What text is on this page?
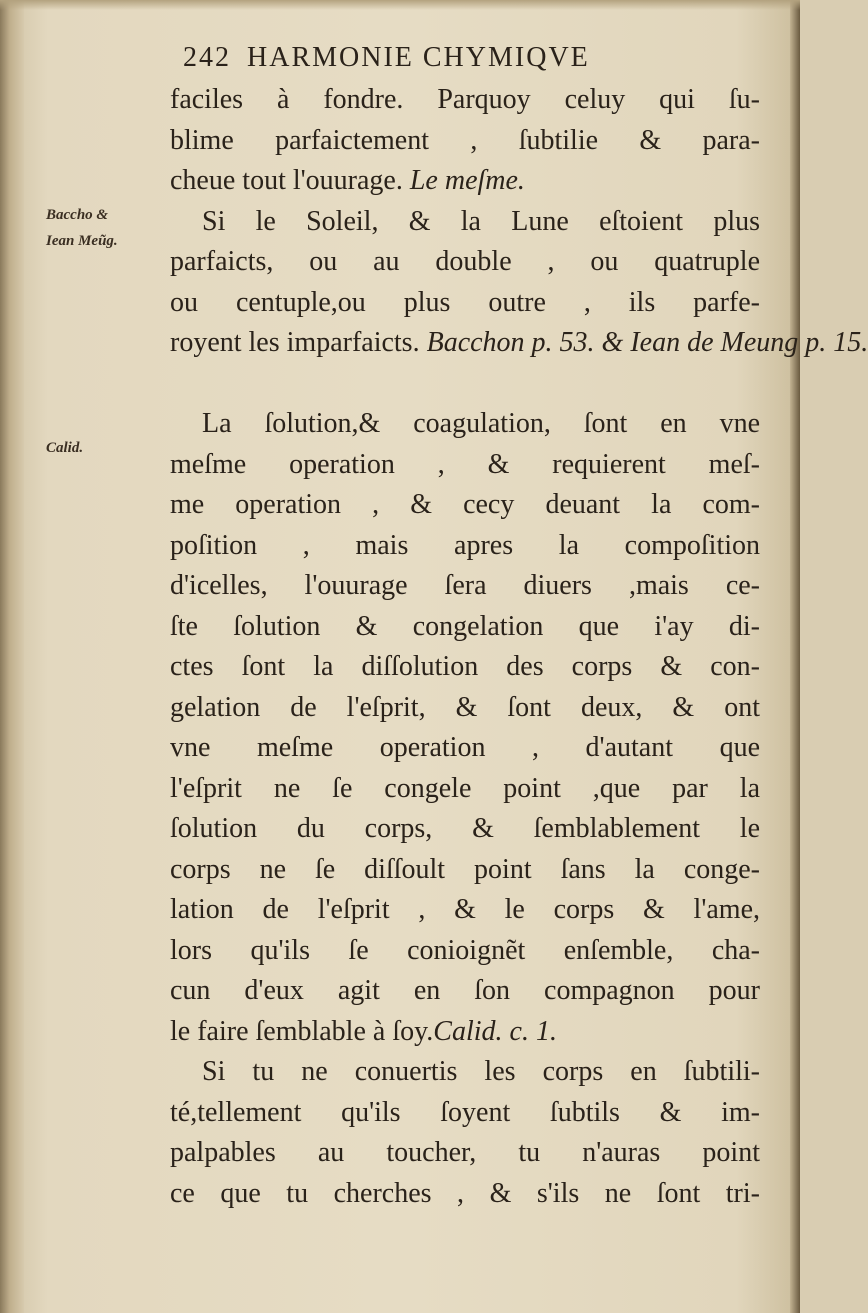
Baccho &
Iean Meũg.
Calid.
242 HARMONIE CHYMIQVE
faciles à fondre. Parquoy celuy qui ſu-
blime parfaictement , ſubtilie & para-
cheue tout l'ouurage. Le meſme.
Si le Soleil, & la Lune eſtoient plus
parfaicts, ou au double , ou quatruple
ou centuple,ou plus outre , ils parfe-
royent les imparfaicts. Bacchon p. 53. & Iean de Meung p. 15.

La ſolution,& coagulation, ſont en vne
meſme operation , & requierent meſ-
me operation , & cecy deuant la com-
poſition , mais apres la compoſition
d'icelles, l'ouurage ſera diuers ,mais ce-
ſte ſolution & congelation que i'ay di-
ctes ſont la diſſolution des corps & con-
gelation de l'eſprit, & ſont deux, & ont
vne meſme operation , d'autant que
l'eſprit ne ſe congele point ,que par la
ſolution du corps, & ſemblablement le
corps ne ſe diſſoult point ſans la conge-
lation de l'eſprit , & le corps & l'ame,
lors qu'ils ſe conioignẽt enſemble, cha-
cun d'eux agit en ſon compagnon pour
le faire ſemblable à ſoy.Calid. c. 1.
Si tu ne conuertis les corps en ſubtili-
té,tellement qu'ils ſoyent ſubtils & im-
palpables au toucher, tu n'auras point
ce que tu cherches , & s'ils ne ſont tri-
